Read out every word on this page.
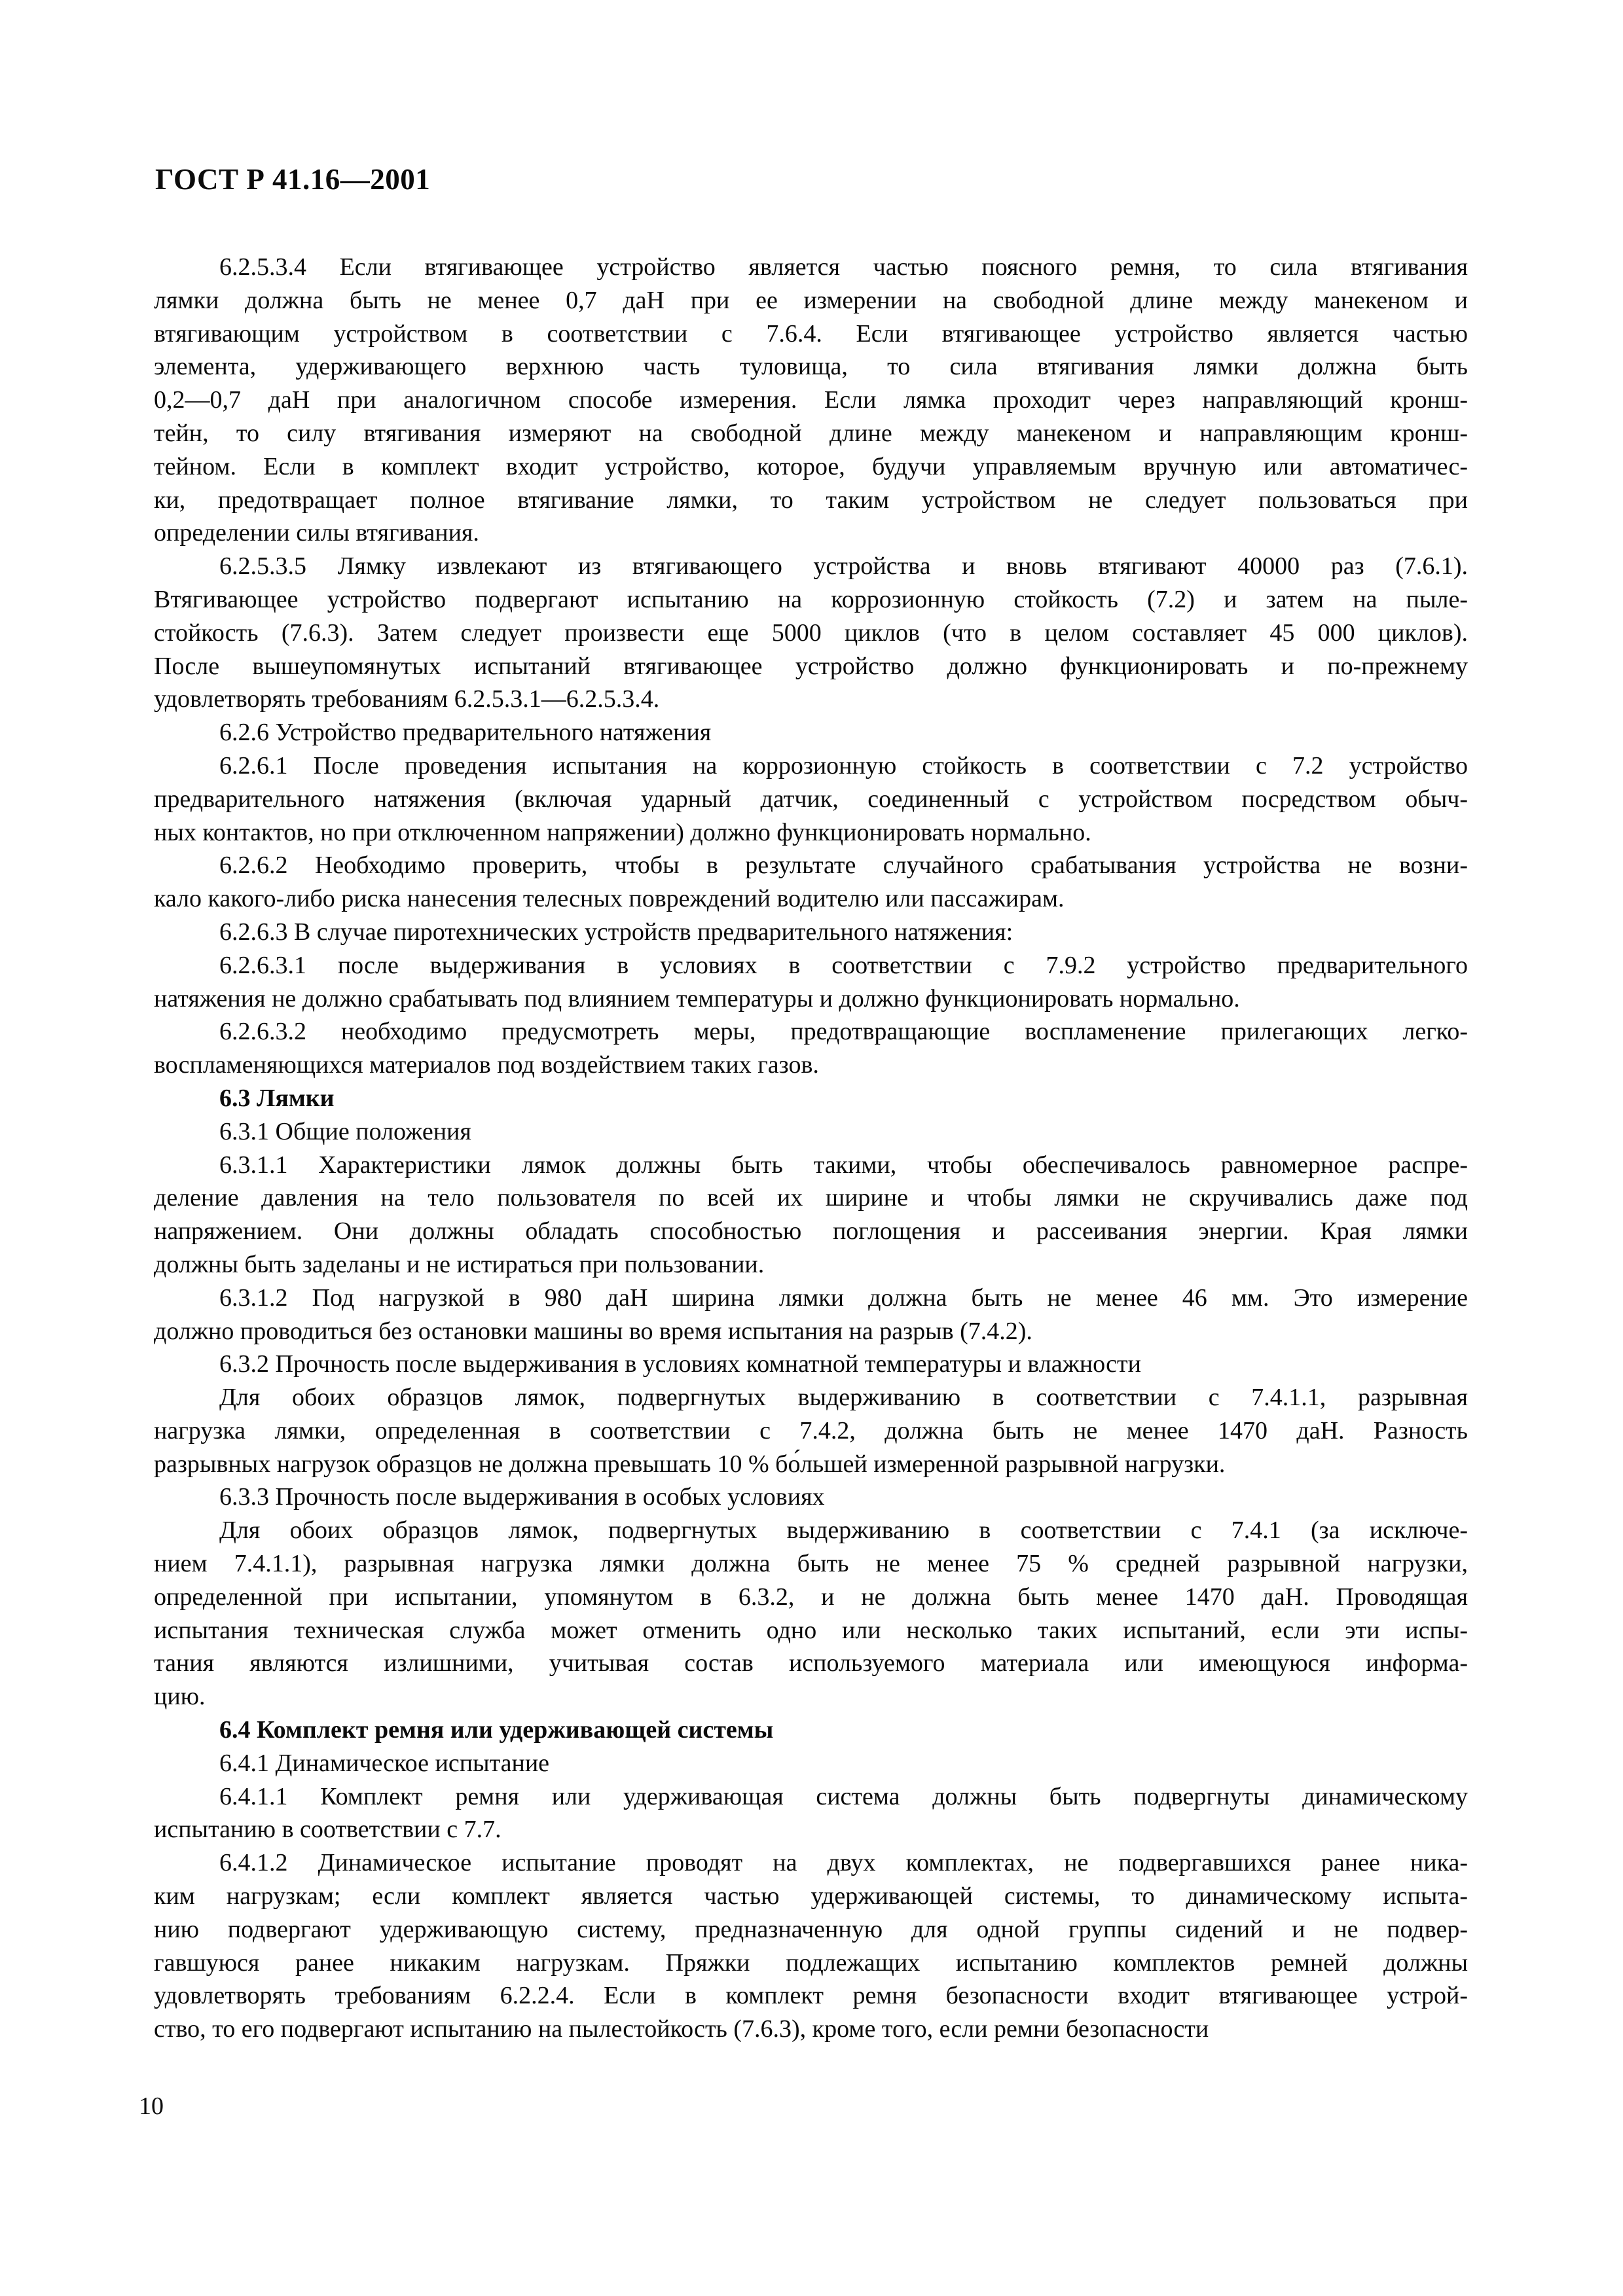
ГОСТ Р 41.16—2001
6.2.5.3.4 Если втягивающее устройство является частью поясного ремня, то сила втягивания
лямки должна быть не менее 0,7 даН при ее измерении на свободной длине между манекеном и
втягивающим устройством в соответствии с 7.6.4. Если втягивающее устройство является частью
элемента, удерживающего верхнюю часть туловища, то сила втягивания лямки должна быть
0,2—0,7 даН при аналогичном способе измерения. Если лямка проходит через направляющий кронш-
тейн, то силу втягивания измеряют на свободной длине между манекеном и направляющим кронш-
тейном. Если в комплект входит устройство, которое, будучи управляемым вручную или автоматичес-
ки, предотвращает полное втягивание лямки, то таким устройством не следует пользоваться при
определении силы втягивания.
6.2.5.3.5 Лямку извлекают из втягивающего устройства и вновь втягивают 40000 раз (7.6.1).
Втягивающее устройство подвергают испытанию на коррозионную стойкость (7.2) и затем на пыле-
стойкость (7.6.3). Затем следует произвести еще 5000 циклов (что в целом составляет 45 000 циклов).
После вышеупомянутых испытаний втягивающее устройство должно функционировать и по-прежнему
удовлетворять требованиям 6.2.5.3.1—6.2.5.3.4.
6.2.6 Устройство предварительного натяжения
6.2.6.1 После проведения испытания на коррозионную стойкость в соответствии с 7.2 устройство
предварительного натяжения (включая ударный датчик, соединенный с устройством посредством обыч-
ных контактов, но при отключенном напряжении) должно функционировать нормально.
6.2.6.2 Необходимо проверить, чтобы в результате случайного срабатывания устройства не возни-
кало какого-либо риска нанесения телесных повреждений водителю или пассажирам.
6.2.6.3 В случае пиротехнических устройств предварительного натяжения:
6.2.6.3.1 после выдерживания в условиях в соответствии с 7.9.2 устройство предварительного
натяжения не должно срабатывать под влиянием температуры и должно функционировать нормально.
6.2.6.3.2 необходимо предусмотреть меры, предотвращающие воспламенение прилегающих легко-
воспламеняющихся материалов под воздействием таких газов.
6.3 Лямки
6.3.1 Общие положения
6.3.1.1 Характеристики лямок должны быть такими, чтобы обеспечивалось равномерное распре-
деление давления на тело пользователя по всей их ширине и чтобы лямки не скручивались даже под
напряжением. Они должны обладать способностью поглощения и рассеивания энергии. Края лямки
должны быть заделаны и не истираться при пользовании.
6.3.1.2 Под нагрузкой в 980 даН ширина лямки должна быть не менее 46 мм. Это измерение
должно проводиться без остановки машины во время испытания на разрыв (7.4.2).
6.3.2 Прочность после выдерживания в условиях комнатной температуры и влажности
Для обоих образцов лямок, подвергнутых выдерживанию в соответствии с 7.4.1.1, разрывная
нагрузка лямки, определенная в соответствии с 7.4.2, должна быть не менее 1470 даН. Разность
разрывных нагрузок образцов не должна превышать 10 % бо́льшей измеренной разрывной нагрузки.
6.3.3 Прочность после выдерживания в особых условиях
Для обоих образцов лямок, подвергнутых выдерживанию в соответствии с 7.4.1 (за исключе-
нием 7.4.1.1), разрывная нагрузка лямки должна быть не менее 75 % средней разрывной нагрузки,
определенной при испытании, упомянутом в 6.3.2, и не должна быть менее 1470 даН. Проводящая
испытания техническая служба может отменить одно или несколько таких испытаний, если эти испы-
тания являются излишними, учитывая состав используемого материала или имеющуюся информа-
цию.
6.4 Комплект ремня или удерживающей системы
6.4.1 Динамическое испытание
6.4.1.1 Комплект ремня или удерживающая система должны быть подвергнуты динамическому
испытанию в соответствии с 7.7.
6.4.1.2 Динамическое испытание проводят на двух комплектах, не подвергавшихся ранее ника-
ким нагрузкам; если комплект является частью удерживающей системы, то динамическому испыта-
нию подвергают удерживающую систему, предназначенную для одной группы сидений и не подвер-
гавшуюся ранее никаким нагрузкам. Пряжки подлежащих испытанию комплектов ремней должны
удовлетворять требованиям 6.2.2.4. Если в комплект ремня безопасности входит втягивающее устрой-
ство, то его подвергают испытанию на пылестойкость (7.6.3), кроме того, если ремни безопасности
10
